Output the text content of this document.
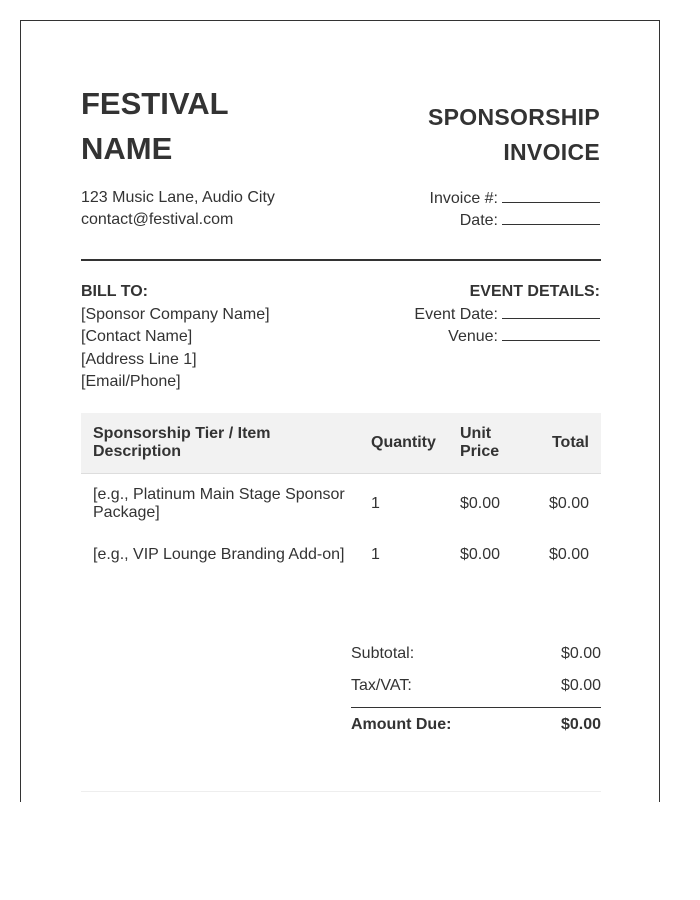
FESTIVAL NAME
SPONSORSHIP INVOICE
123 Music Lane, Audio City
contact@festival.com
Invoice #:
Date:
BILL TO:
[Sponsor Company Name]
[Contact Name]
[Address Line 1]
[Email/Phone]
EVENT DETAILS:
Event Date:
Venue:
Sponsorship Tier / Item Description	Quantity	Unit Price	Total
[e.g., Platinum Main Stage Sponsor Package]	1	$0.00	$0.00
[e.g., VIP Lounge Branding Add-on]	1	$0.00	$0.00
Subtotal:	$0.00
Tax/VAT:	$0.00
Amount Due:	$0.00
